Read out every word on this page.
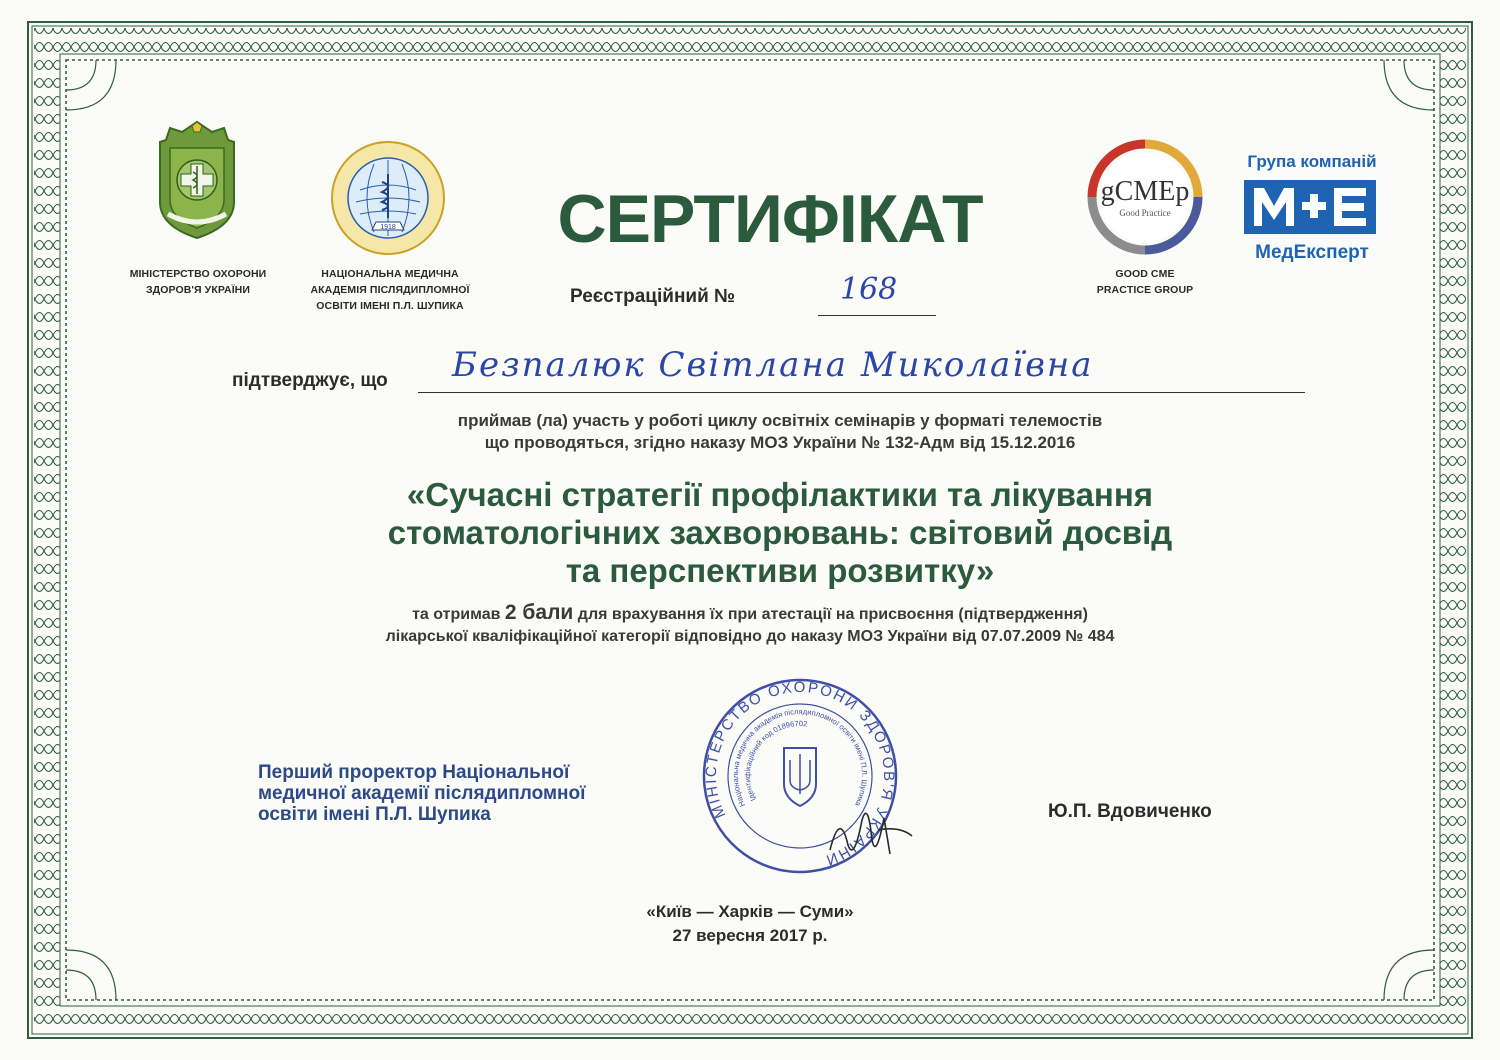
МІНІСТЕРСТВО ОХОРОНИ
ЗДОРОВ'Я УКРАЇНИ
1918
НАЦІОНАЛЬНА МЕДИЧНА
АКАДЕМІЯ ПІСЛЯДИПЛОМНОЇ
ОСВІТИ ІМЕНІ П.Л. ШУПИКА
СЕРТИФІКАТ	gCMEp
Good Practice
GOOD CME
PRACTICE GROUP
Група компаній
МедЕксперт
Реєстраційний №	168
підтверджує, що Безпалюк Світлана Миколаївна
приймав (ла) участь у роботі циклу освітніх семінарів у форматі телемостів
що проводяться, згідно наказу МОЗ України № 132-Адм від 15.12.2016
«Сучасні стратегії профілактики та лікування
стоматологічних захворювань: світовий досвід
та перспективи розвитку»
та отримав 2 бали для врахування їх при атестації на присвоєння (підтвердження)
лікарської кваліфікаційної категорії відповідно до наказу МОЗ України від 07.07.2009 № 484
МІНІСТЕРСТВО ОХОРОНИ ЗДОРОВ'Я УКРАЇНИ
Національна медична академія післядипломної освіти імені П.Л. Шупика
Ідентифікаційний код 01896702
Перший проректор Національної
медичної академії післядипломної
освіти імені П.Л. Шупика	Ю.П. Вдовиченко
«Київ — Харків — Суми»
27 вересня 2017 р.
